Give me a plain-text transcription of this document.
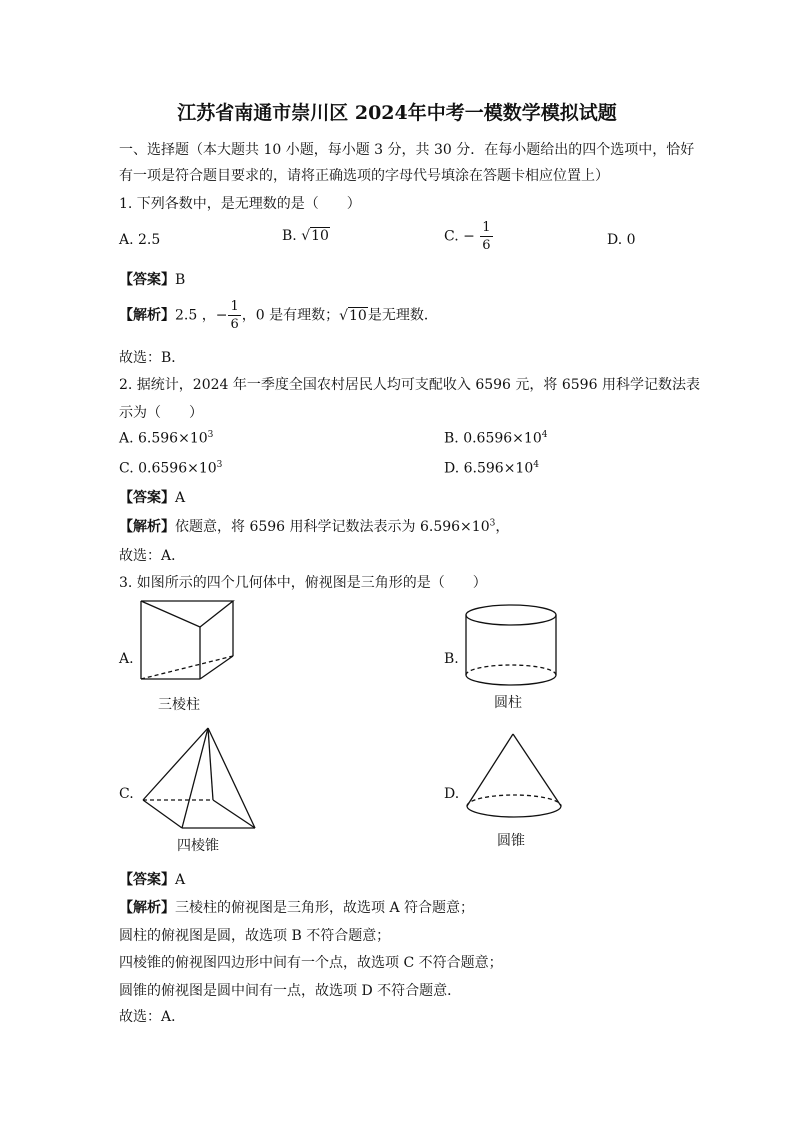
江苏省南通市崇川区 2024年中考一模数学模拟试题
一、选择题（本大题共 10 小题，每小题 3 分，共 30 分．在每小题给出的四个选项中，恰好
有一项是符合题目要求的，请将正确选项的字母代号填涂在答题卡相应位置上）
1. 下列各数中，是无理数的是（　　）
A. 2.5	B. √10	C. − $\frac{1}{6}$	D. 0
【答案】B
【解析】2.5 ，− $\frac{1}{6}$ ，0 是有理数；√10是无理数．
故选：B．
2. 据统计，2024 年一季度全国农村居民人均可支配收入 6596 元，将 6596 用科学记数法表
示为（　　）
A. $6.596\times 10^3$	B. $0.6596\times 10^4$
C. $0.6596\times 10^3$	D. $6.596\times 10^4$
【答案】A
【解析】依题意，将 6596 用科学记数法表示为 $6.596\times 10^3$，
故选：A．
3. 如图所示的四个几何体中，俯视图是三角形的是（　　）
A.
三棱柱
B.
圆柱
C.
四棱锥
D.
圆锥
【答案】A
【解析】三棱柱的俯视图是三角形，故选项 A 符合题意；
圆柱的俯视图是圆，故选项 B 不符合题意；
四棱锥的俯视图四边形中间有一个点，故选项 C 不符合题意；
圆锥的俯视图是圆中间有一点，故选项 D 不符合题意．
故选：A．
